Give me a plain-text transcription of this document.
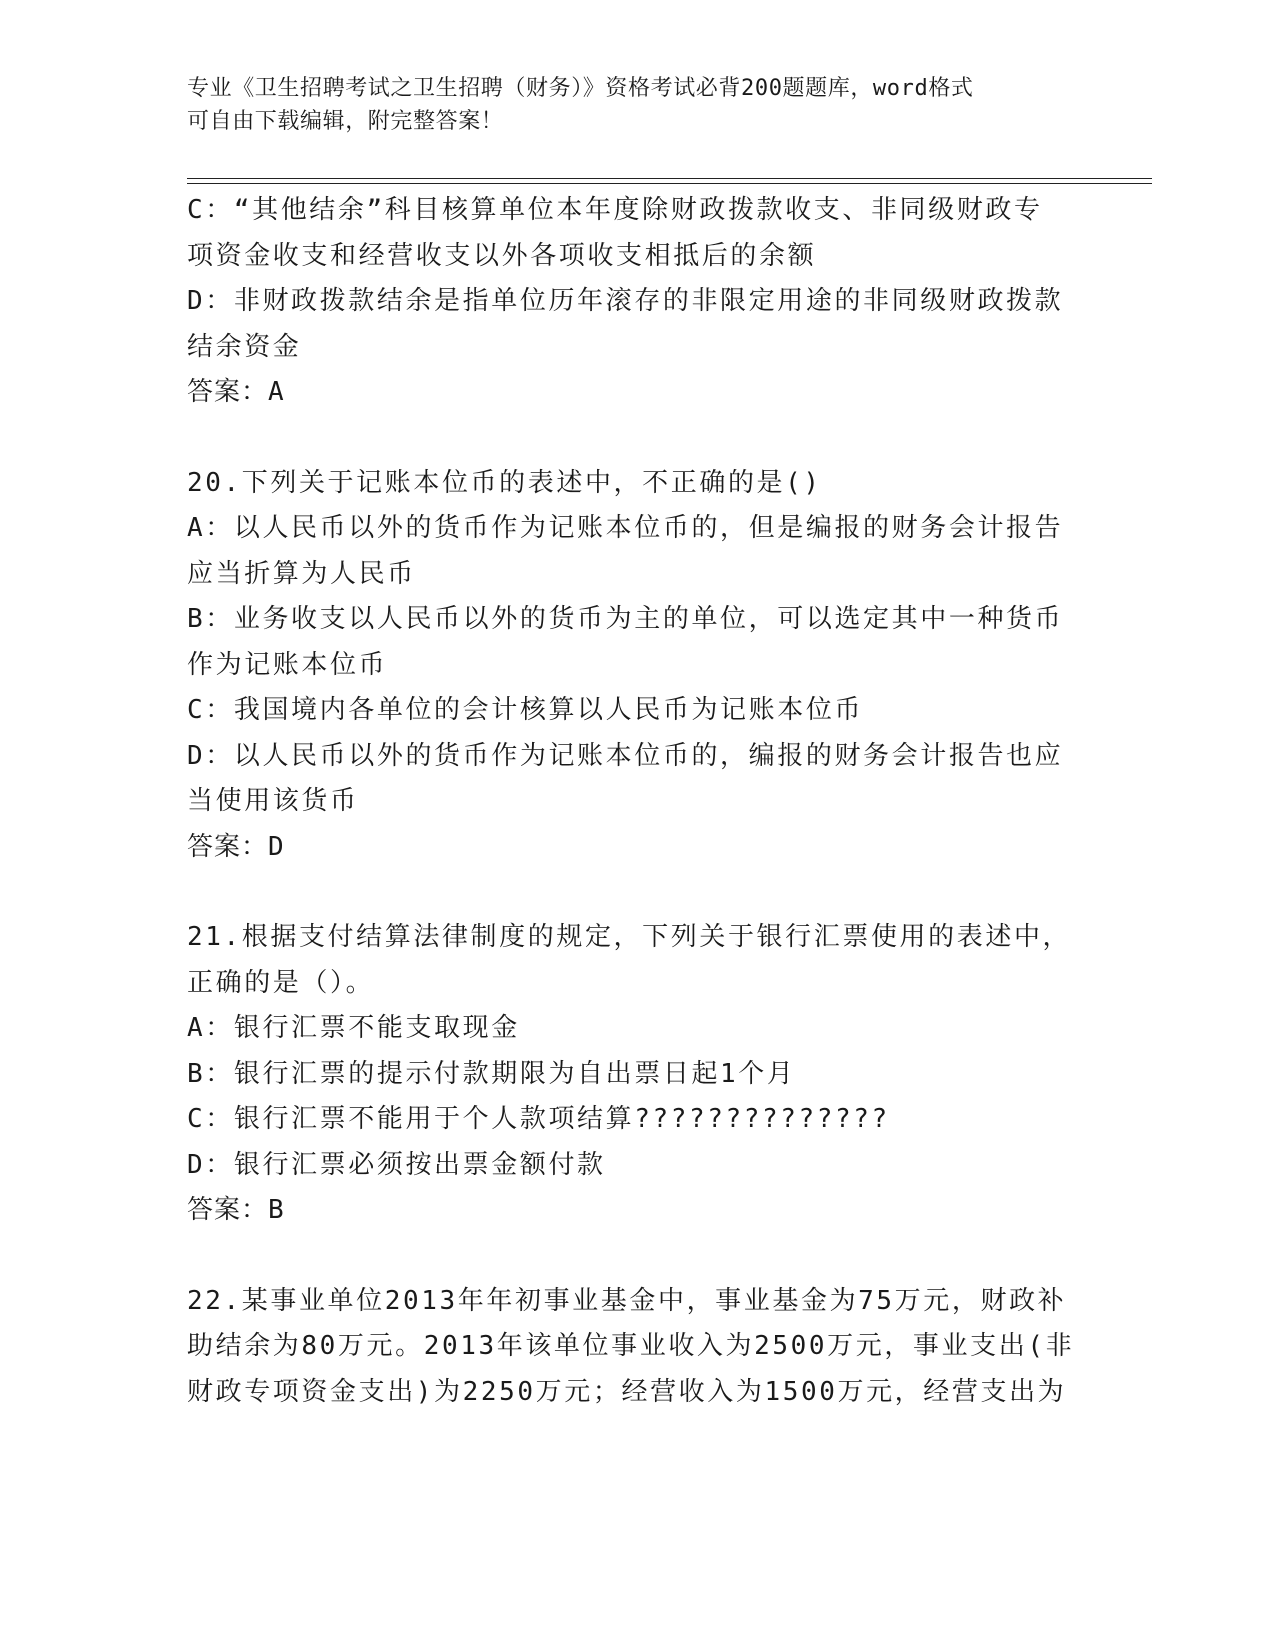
专业《卫生招聘考试之卫生招聘（财务）》资格考试必背200题题库，word格式
可自由下载编辑，附完整答案！

C：“其他结余”科目核算单位本年度除财政拨款收支、非同级财政专

项资金收支和经营收支以外各项收支相抵后的余额

D：非财政拨款结余是指单位历年滚存的非限定用途的非同级财政拨款

结余资金

答案：A

20.下列关于记账本位币的表述中，不正确的是()

A：以人民币以外的货币作为记账本位币的，但是编报的财务会计报告

应当折算为人民币

B：业务收支以人民币以外的货币为主的单位，可以选定其中一种货币

作为记账本位币

C：我国境内各单位的会计核算以人民币为记账本位币

D：以人民币以外的货币作为记账本位币的，编报的财务会计报告也应

当使用该货币

答案：D

21.根据支付结算法律制度的规定，下列关于银行汇票使用的表述中，

正确的是（）。

A：银行汇票不能支取现金

B：银行汇票的提示付款期限为自出票日起1个月

C：银行汇票不能用于个人款项结算??????????????

D：银行汇票必须按出票金额付款

答案：B

22.某事业单位2013年年初事业基金中，事业基金为75万元，财政补

助结余为80万元。2013年该单位事业收入为2500万元，事业支出(非

财政专项资金支出)为2250万元；经营收入为1500万元，经营支出为
